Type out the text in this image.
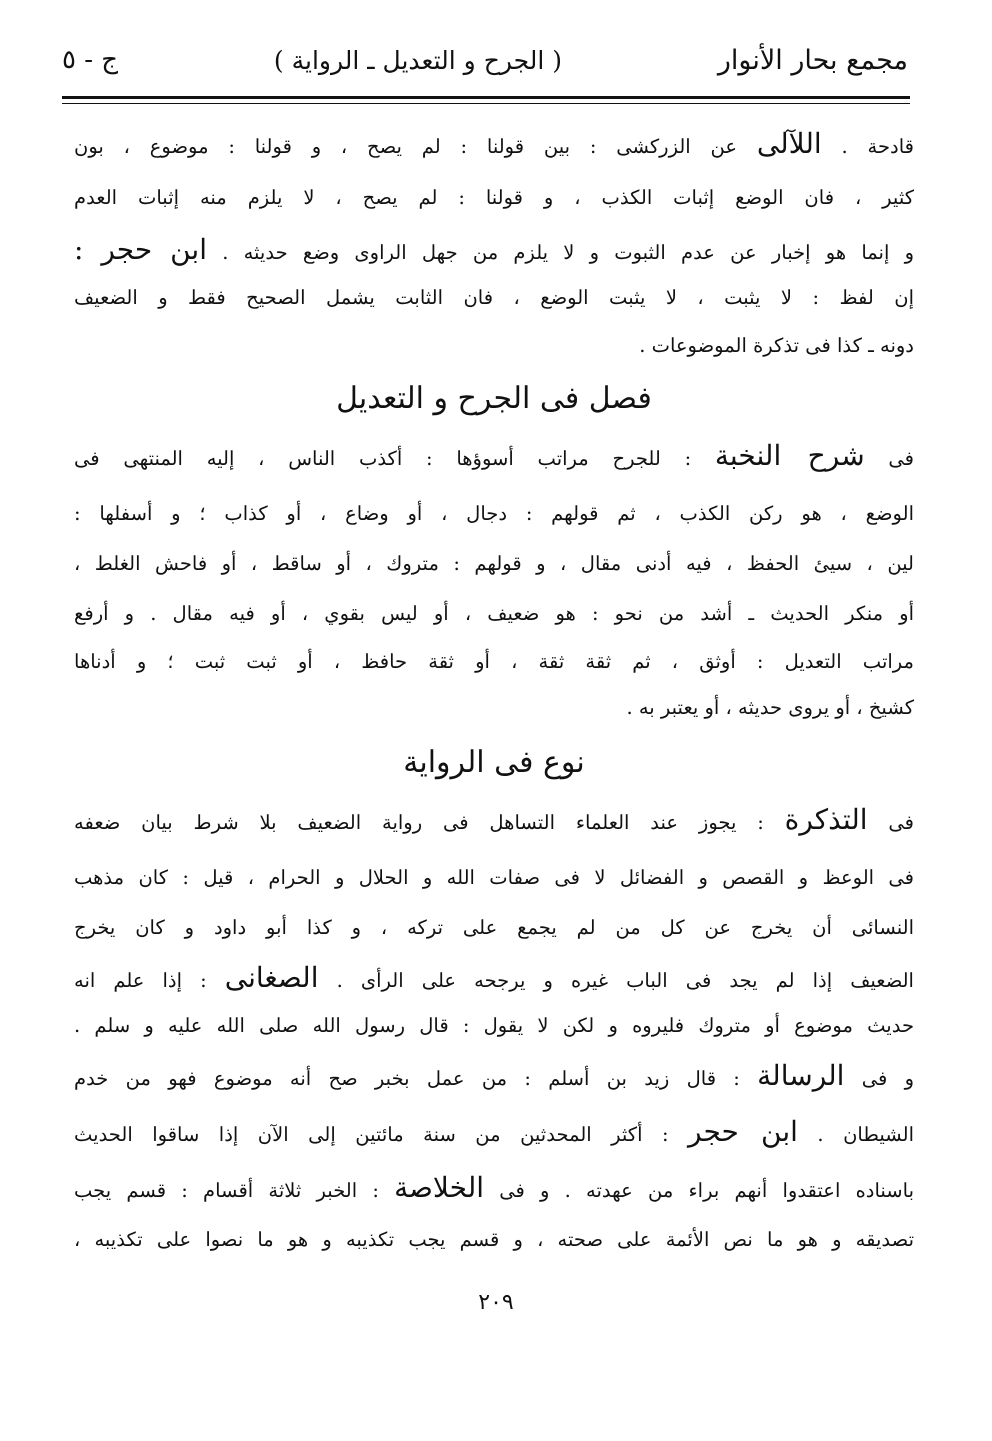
مجمع بحار الأنوار
( الجرح و التعديل ـ الرواية )
ج - ٥
قادحة . اللآلى عن الزركشى : بين قولنا : لم يصح ، و قولنا : موضوع ، بون
كثير ، فان الوضع إثبات الكذب ، و قولنا : لم يصح ، لا يلزم منه إثبات العدم
و إنما هو إخبار عن عدم الثبوت و لا يلزم من جهل الراوى وضع حديثه . ابن حجر :
إن لفظ : لا يثبت ، لا يثبت الوضع ، فان الثابت يشمل الصحيح فقط و الضعيف
دونه ـ كذا فى تذكرة الموضوعات .
فصل فى الجرح و التعديل
فى شرح النخبة : للجرح مراتب أسوؤها : أكذب الناس ، إليه المنتهى فى
الوضع ، هو ركن الكذب ، ثم قولهم : دجال ، أو وضاع ، أو كذاب ؛ و أسفلها :
لين ، سيئ الحفظ ، فيه أدنى مقال ، و قولهم : متروك ، أو ساقط ، أو فاحش الغلط ،
أو منكر الحديث ـ أشد من نحو : هو ضعيف ، أو ليس بقوي ، أو فيه مقال . و أرفع
مراتب التعديل : أوثق ، ثم ثقة ثقة ، أو ثقة حافظ ، أو ثبت ثبت ؛ و أدناها
كشيخ ، أو يروى حديثه ، أو يعتبر به .
نوع فى الرواية
فى التذكرة : يجوز عند العلماء التساهل فى رواية الضعيف بلا شرط بيان ضعفه
فى الوعظ و القصص و الفضائل لا فى صفات الله و الحلال و الحرام ، قيل : كان مذهب
النسائى أن يخرج عن كل من لم يجمع على تركه ، و كذا أبو داود و كان يخرج
الضعيف إذا لم يجد فى الباب غيره و يرجحه على الرأى . الصغانى : إذا علم انه
حديث موضوع أو متروك فليروه و لكن لا يقول : قال رسول الله صلى الله عليه و سلم .
و فى الرسالة : قال زيد بن أسلم : من عمل بخبر صح أنه موضوع فهو من خدم
الشيطان . ابن حجر : أكثر المحدثين من سنة مائتين إلى الآن إذا ساقوا الحديث
باسناده اعتقدوا أنهم براء من عهدته . و فى الخلاصة : الخبر ثلاثة أقسام : قسم يجب
تصديقه و هو ما نص الأئمة على صحته ، و قسم يجب تكذيبه و هو ما نصوا على تكذيبه ،
٢٠٩
